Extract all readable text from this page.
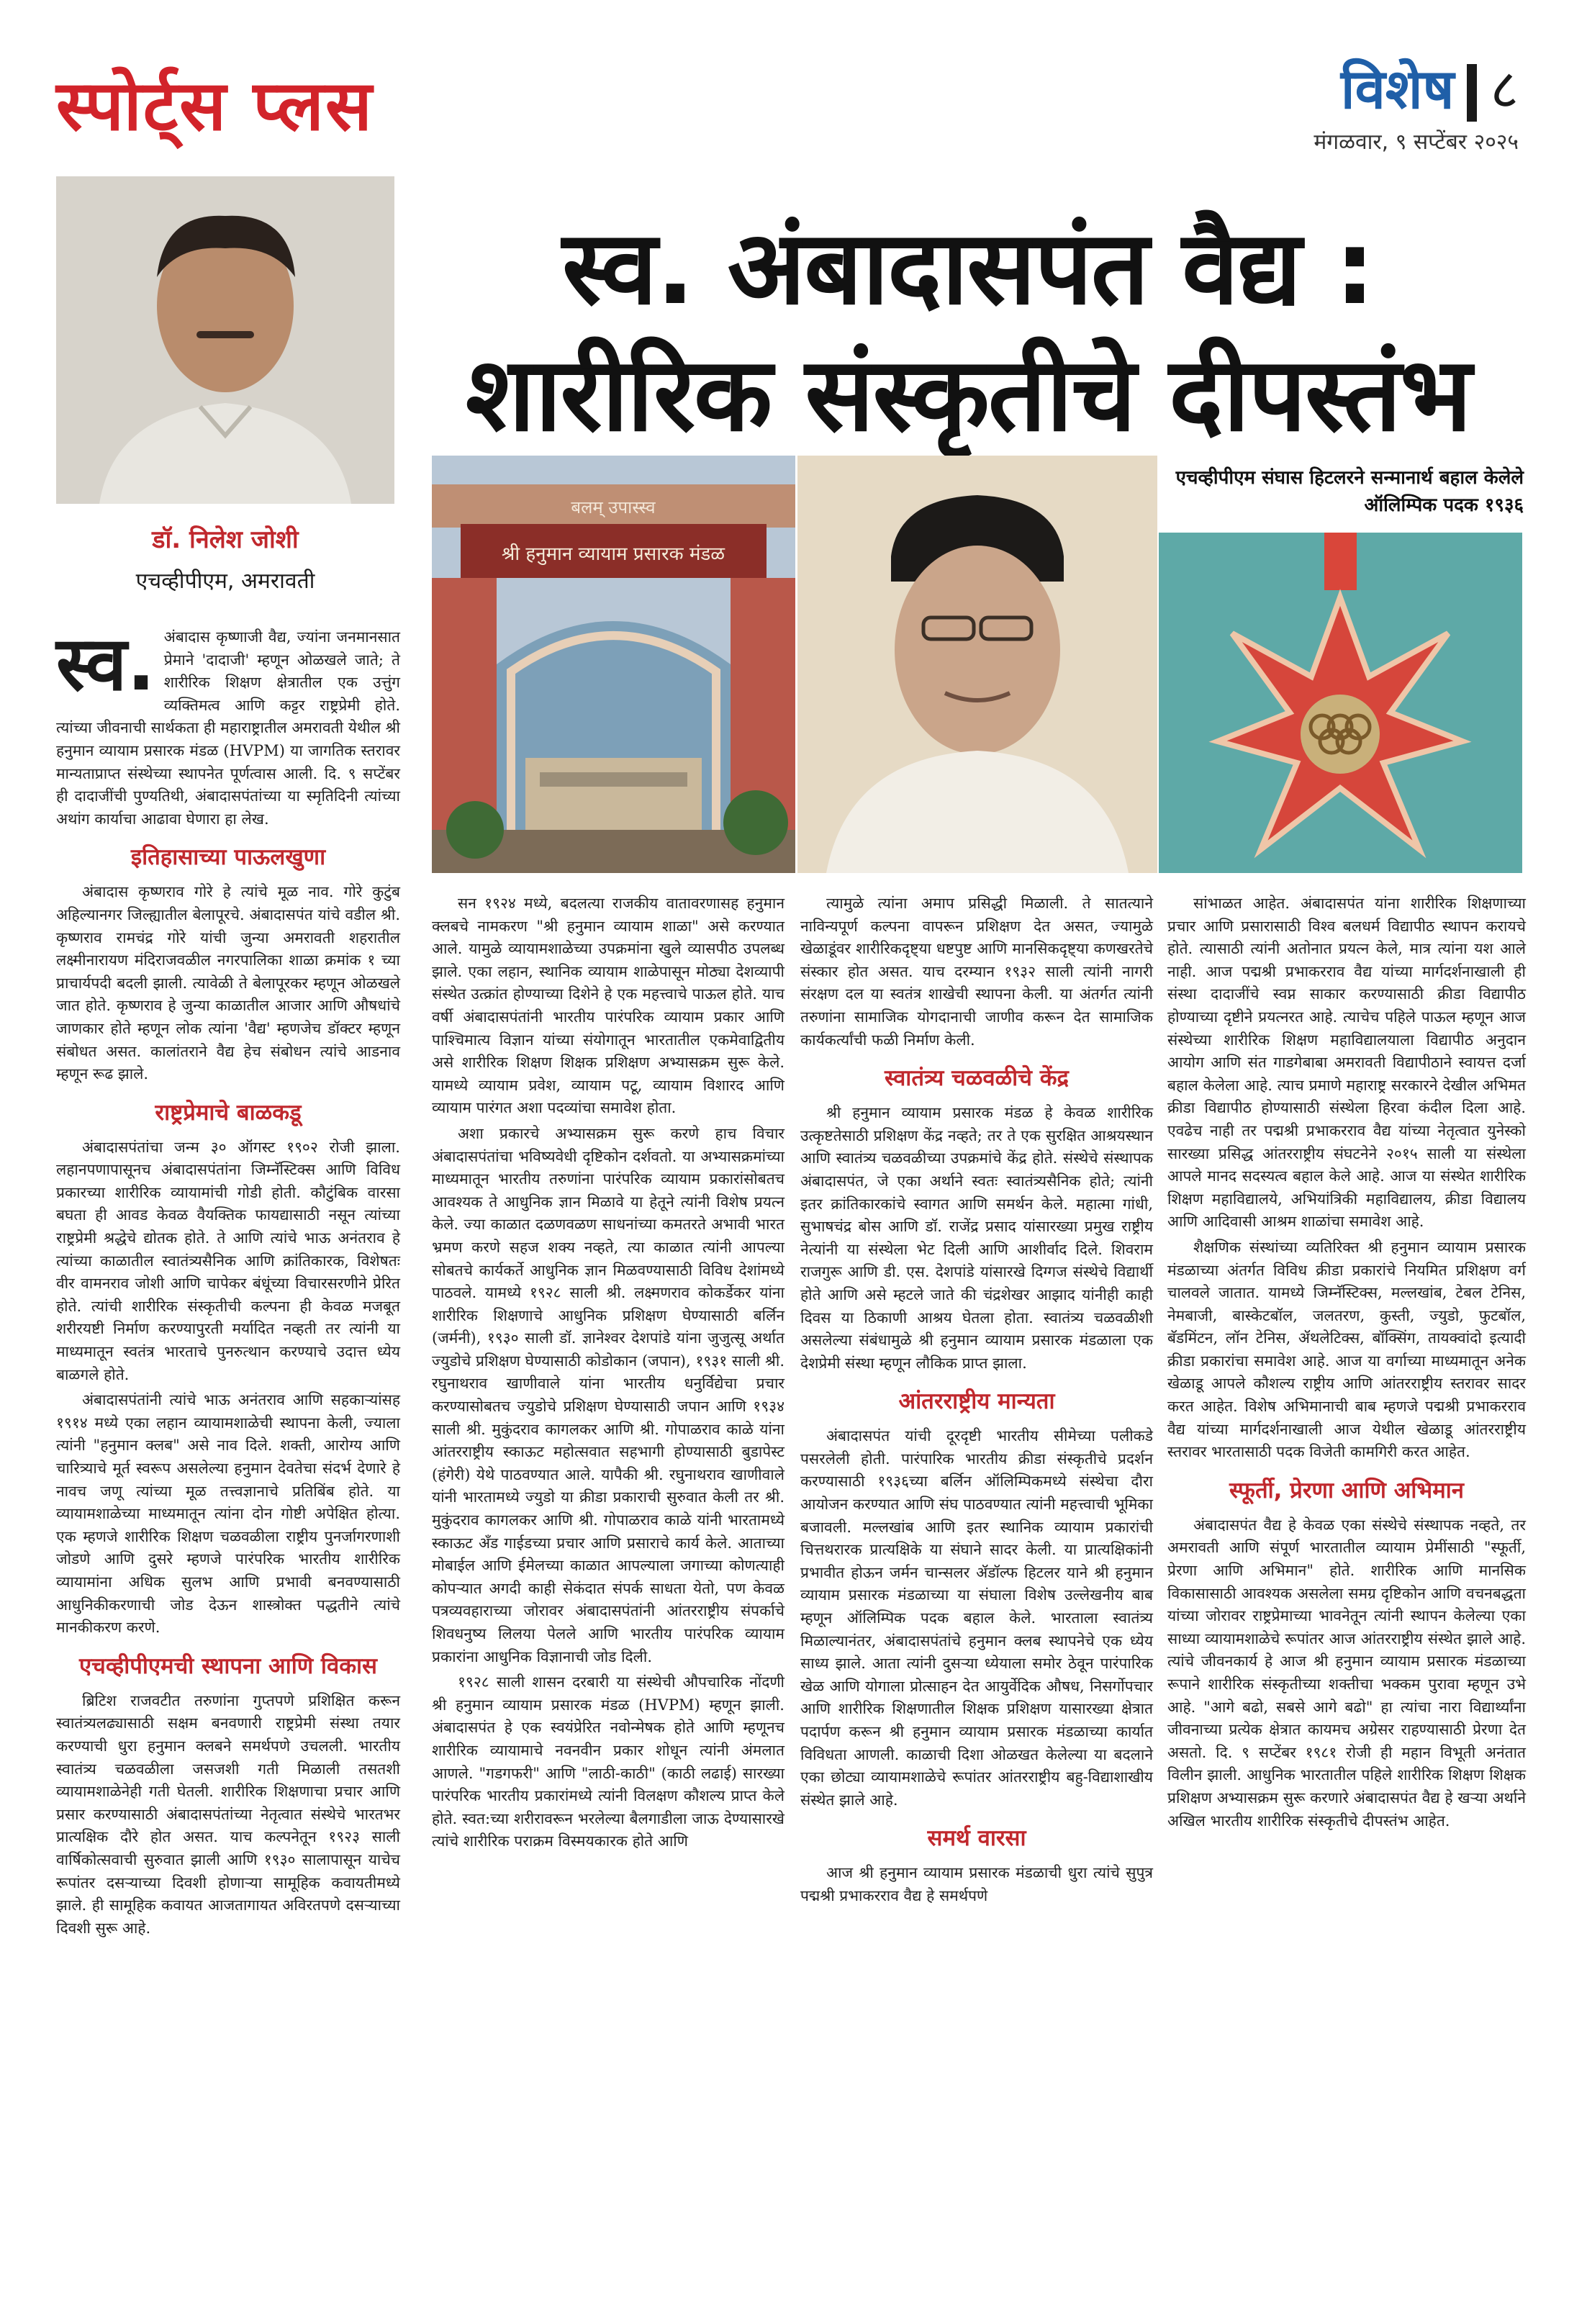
स्पोर्ट्स प्लस	विशेष ८
मंगळवार, ९ सप्टेंबर २०२५
डॉ. निलेश जोशी
एचव्हीपीएम, अमरावती
स्व. अंबादासपंत वैद्य :
शारीरिक संस्कृतीचे दीपस्तंभ
बलम् उपास्स्व
श्री हनुमान व्यायाम प्रसारक मंडळ
एचव्हीपीएम संघास हिटलरने सन्मानार्थ बहाल केलेले ऑलिम्पिक पदक १९३६

स्व. अंबादास कृष्णाजी वैद्य, ज्यांना जनमानसात प्रेमाने 'दादाजी' म्हणून ओळखले जाते; ते शारीरिक शिक्षण क्षेत्रातील एक उत्तुंग व्यक्तिमत्व आणि कट्टर राष्ट्रप्रेमी होते. त्यांच्या जीवनाची सार्थकता ही महाराष्ट्रातील अमरावती येथील श्री हनुमान व्यायाम प्रसारक मंडळ (HVPM) या जागतिक स्तरावर मान्यताप्राप्त संस्थेच्या स्थापनेत पूर्णत्वास आली. दि. ९ सप्टेंबर ही दादाजींची पुण्यतिथी, अंबादासपंतांच्या या स्मृतिदिनी त्यांच्या अथांग कार्याचा आढावा घेणारा हा लेख.

इतिहासाच्या पाऊलखुणा

अंबादास कृष्णराव गोरे हे त्यांचे मूळ नाव. गोरे कुटुंब अहिल्यानगर जिल्ह्यातील बेलापूरचे. अंबादासपंत यांचे वडील श्री. कृष्णराव रामचंद्र गोरे यांची जुन्या अमरावती शहरातील लक्ष्मीनारायण मंदिराजवळील नगरपालिका शाळा क्रमांक १ च्या प्राचार्यपदी बदली झाली. त्यावेळी ते बेलापूरकर म्हणून ओळखले जात होते. कृष्णराव हे जुन्या काळातील आजार आणि औषधांचे जाणकार होते म्हणून लोक त्यांना 'वैद्य' म्हणजेच डॉक्टर म्हणून संबोधत असत. कालांतराने वैद्य हेच संबोधन त्यांचे आडनाव म्हणून रूढ झाले.

राष्ट्रप्रेमाचे बाळकडू

अंबादासपंतांचा जन्म ३० ऑगस्ट १९०२ रोजी झाला. लहानपणापासूनच अंबादासपंतांना जिम्नॅस्टिक्स आणि विविध प्रकारच्या शारीरिक व्यायामांची गोडी होती. कौटुंबिक वारसा बघता ही आवड केवळ वैयक्तिक फायद्यासाठी नसून त्यांच्या राष्ट्रप्रेमी श्रद्धेचे द्योतक होते. ते आणि त्यांचे भाऊ अनंतराव हे त्यांच्या काळातील स्वातंत्र्यसैनिक आणि क्रांतिकारक, विशेषतः वीर वामनराव जोशी आणि चापेकर बंधूंच्या विचारसरणीने प्रेरित होते. त्यांची शारीरिक संस्कृतीची कल्पना ही केवळ मजबूत शरीरयष्टी निर्माण करण्यापुरती मर्यादित नव्हती तर त्यांनी या माध्यमातून स्वतंत्र भारताचे पुनरुत्थान करण्याचे उदात्त ध्येय बाळगले होते.

अंबादासपंतांनी त्यांचे भाऊ अनंतराव आणि सहकाऱ्यांसह १९१४ मध्ये एका लहान व्यायामशाळेची स्थापना केली, ज्याला त्यांनी "हनुमान क्लब" असे नाव दिले. शक्ती, आरोग्य आणि चारित्र्याचे मूर्त स्वरूप असलेल्या हनुमान देवतेचा संदर्भ देणारे हे नावच जणू त्यांच्या मूळ तत्त्वज्ञानाचे प्रतिबिंब होते. या व्यायामशाळेच्या माध्यमातून त्यांना दोन गोष्टी अपेक्षित होत्या. एक म्हणजे शारीरिक शिक्षण चळवळीला राष्ट्रीय पुनर्जागरणाशी जोडणे आणि दुसरे म्हणजे पारंपरिक भारतीय शारीरिक व्यायामांना अधिक सुलभ आणि प्रभावी बनवण्यासाठी आधुनिकीकरणाची जोड देऊन शास्त्रोक्त पद्धतीने त्यांचे मानकीकरण करणे.

एचव्हीपीएमची स्थापना आणि विकास

ब्रिटिश राजवटीत तरुणांना गुप्तपणे प्रशिक्षित करून स्वातंत्र्यलढ्यासाठी सक्षम बनवणारी राष्ट्रप्रेमी संस्था तयार करण्याची धुरा हनुमान क्लबने समर्थपणे उचलली. भारतीय स्वातंत्र्य चळवळीला जसजशी गती मिळाली तसतशी व्यायामशाळेनेही गती घेतली. शारीरिक शिक्षणाचा प्रचार आणि प्रसार करण्यासाठी अंबादासपंतांच्या नेतृत्वात संस्थेचे भारतभर प्रात्यक्षिक दौरे होत असत. याच कल्पनेतून १९२३ साली वार्षिकोत्सवाची सुरुवात झाली आणि १९३० सालापासून याचेच रूपांतर दसऱ्याच्या दिवशी होणाऱ्या सामूहिक कवायतीमध्ये झाले. ही सामूहिक कवायत आजतागायत अविरतपणे दसऱ्याच्या दिवशी सुरू आहे.

सन १९२४ मध्ये, बदलत्या राजकीय वातावरणासह हनुमान क्लबचे नामकरण "श्री हनुमान व्यायाम शाळा" असे करण्यात आले. यामुळे व्यायामशाळेच्या उपक्रमांना खुले व्यासपीठ उपलब्ध झाले. एका लहान, स्थानिक व्यायाम शाळेपासून मोठ्या देशव्यापी संस्थेत उत्क्रांत होण्याच्या दिशेने हे एक महत्त्वाचे पाऊल होते. याच वर्षी अंबादासपंतांनी भारतीय पारंपरिक व्यायाम प्रकार आणि पाश्चिमात्य विज्ञान यांच्या संयोगातून भारतातील एकमेवाद्वितीय असे शारीरिक शिक्षण शिक्षक प्रशिक्षण अभ्यासक्रम सुरू केले. यामध्ये व्यायाम प्रवेश, व्यायाम पटू, व्यायाम विशारद आणि व्यायाम पारंगत अशा पदव्यांचा समावेश होता.

अशा प्रकारचे अभ्यासक्रम सुरू करणे हाच विचार अंबादासपंतांचा भविष्यवेधी दृष्टिकोन दर्शवतो. या अभ्यासक्रमांच्या माध्यमातून भारतीय तरुणांना पारंपरिक व्यायाम प्रकारांसोबतच आवश्यक ते आधुनिक ज्ञान मिळावे या हेतूने त्यांनी विशेष प्रयत्न केले. ज्या काळात दळणवळण साधनांच्या कमतरते अभावी भारत भ्रमण करणे सहज शक्य नव्हते, त्या काळात त्यांनी आपल्या सोबतचे कार्यकर्ते आधुनिक ज्ञान मिळवण्यासाठी विविध देशांमध्ये पाठवले. यामध्ये १९२८ साली श्री. लक्ष्मणराव कोकर्डेकर यांना शारीरिक शिक्षणाचे आधुनिक प्रशिक्षण घेण्यासाठी बर्लिन (जर्मनी), १९३० साली डॉ. ज्ञानेश्वर देशपांडे यांना जुजुत्सू अर्थात ज्युडोचे प्रशिक्षण घेण्यासाठी कोडोकान (जपान), १९३१ साली श्री. रघुनाथराव खाणीवाले यांना भारतीय धनुर्विद्येचा प्रचार करण्यासोबतच ज्युडोचे प्रशिक्षण घेण्यासाठी जपान आणि १९३४ साली श्री. मुकुंदराव कागलकर आणि श्री. गोपाळराव काळे यांना आंतरराष्ट्रीय स्काऊट महोत्सवात सहभागी होण्यासाठी बुडापेस्ट (हंगेरी) येथे पाठवण्यात आले. यापैकी श्री. रघुनाथराव खाणीवाले यांनी भारतामध्ये ज्युडो या क्रीडा प्रकाराची सुरुवात केली तर श्री. मुकुंदराव कागलकर आणि श्री. गोपाळराव काळे यांनी भारतामध्ये स्काऊट अँड गाईडच्या प्रचार आणि प्रसाराचे कार्य केले. आताच्या मोबाईल आणि ईमेलच्या काळात आपल्याला जगाच्या कोणत्याही कोपऱ्यात अगदी काही सेकंदात संपर्क साधता येतो, पण केवळ पत्रव्यवहाराच्या जोरावर अंबादासपंतांनी आंतरराष्ट्रीय संपर्काचे शिवधनुष्य लिलया पेलले आणि भारतीय पारंपरिक व्यायाम प्रकारांना आधुनिक विज्ञानाची जोड दिली.

१९२८ साली शासन दरबारी या संस्थेची औपचारिक नोंदणी श्री हनुमान व्यायाम प्रसारक मंडळ (HVPM) म्हणून झाली. अंबादासपंत हे एक स्वयंप्रेरित नवोन्मेषक होते आणि म्हणूनच शारीरिक व्यायामाचे नवनवीन प्रकार शोधून त्यांनी अंमलात आणले. "गडगफरी" आणि "लाठी-काठी" (काठी लढाई) सारख्या पारंपरिक भारतीय प्रकारांमध्ये त्यांनी विलक्षण कौशल्य प्राप्त केले होते. स्वत:च्या शरीरावरून भरलेल्या बैलगाडीला जाऊ देण्यासारखे त्यांचे शारीरिक पराक्रम विस्मयकारक होते आणि

त्यामुळे त्यांना अमाप प्रसिद्धी मिळाली. ते सातत्याने नाविन्यपूर्ण कल्पना वापरून प्रशिक्षण देत असत, ज्यामुळे खेळाडूंवर शारीरिकदृष्ट्या धष्टपुष्ट आणि मानसिकदृष्ट्या कणखरतेचे संस्कार होत असत. याच दरम्यान १९३२ साली त्यांनी नागरी संरक्षण दल या स्वतंत्र शाखेची स्थापना केली. या अंतर्गत त्यांनी तरुणांना सामाजिक योगदानाची जाणीव करून देत सामाजिक कार्यकर्त्यांची फळी निर्माण केली.

स्वातंत्र्य चळवळीचे केंद्र

श्री हनुमान व्यायाम प्रसारक मंडळ हे केवळ शारीरिक उत्कृष्टतेसाठी प्रशिक्षण केंद्र नव्हते; तर ते एक सुरक्षित आश्रयस्थान आणि स्वातंत्र्य चळवळीच्या उपक्रमांचे केंद्र होते. संस्थेचे संस्थापक अंबादासपंत, जे एका अर्थाने स्वतः स्वातंत्र्यसैनिक होते; त्यांनी इतर क्रांतिकारकांचे स्वागत आणि समर्थन केले. महात्मा गांधी, सुभाषचंद्र बोस आणि डॉ. राजेंद्र प्रसाद यांसारख्या प्रमुख राष्ट्रीय नेत्यांनी या संस्थेला भेट दिली आणि आशीर्वाद दिले. शिवराम राजगुरू आणि डी. एस. देशपांडे यांसारखे दिग्गज संस्थेचे विद्यार्थी होते आणि असे म्हटले जाते की चंद्रशेखर आझाद यांनीही काही दिवस या ठिकाणी आश्रय घेतला होता. स्वातंत्र्य चळवळीशी असलेल्या संबंधामुळे श्री हनुमान व्यायाम प्रसारक मंडळाला एक देशप्रेमी संस्था म्हणून लौकिक प्राप्त झाला.

आंतरराष्ट्रीय मान्यता

अंबादासपंत यांची दूरदृष्टी भारतीय सीमेच्या पलीकडे पसरलेली होती. पारंपारिक भारतीय क्रीडा संस्कृतीचे प्रदर्शन करण्यासाठी १९३६च्या बर्लिन ऑलिम्पिकमध्ये संस्थेचा दौरा आयोजन करण्यात आणि संघ पाठवण्यात त्यांनी महत्त्वाची भूमिका बजावली. मल्लखांब आणि इतर स्थानिक व्यायाम प्रकारांची चित्तथरारक प्रात्यक्षिके या संघाने सादर केली. या प्रात्यक्षिकांनी प्रभावीत होऊन जर्मन चान्सलर ॲडॉल्फ हिटलर याने श्री हनुमान व्यायाम प्रसारक मंडळाच्या या संघाला विशेष उल्लेखनीय बाब म्हणून ऑलिम्पिक पदक बहाल केले. भारताला स्वातंत्र्य मिळाल्यानंतर, अंबादासपंतांचे हनुमान क्लब स्थापनेचे एक ध्येय साध्य झाले. आता त्यांनी दुसऱ्या ध्येयाला समोर ठेवून पारंपारिक खेळ आणि योगाला प्रोत्साहन देत आयुर्वेदिक औषध, निसर्गोपचार आणि शारीरिक शिक्षणातील शिक्षक प्रशिक्षण यासारख्या क्षेत्रात पदार्पण करून श्री हनुमान व्यायाम प्रसारक मंडळाच्या कार्यात विविधता आणली. काळाची दिशा ओळखत केलेल्या या बदलाने एका छोट्या व्यायामशाळेचे रूपांतर आंतरराष्ट्रीय बहु-विद्याशाखीय संस्थेत झाले आहे.

समर्थ वारसा

आज श्री हनुमान व्यायाम प्रसारक मंडळाची धुरा त्यांचे सुपुत्र पद्मश्री प्रभाकरराव वैद्य हे समर्थपणे

सांभाळत आहेत. अंबादासपंत यांना शारीरिक शिक्षणाच्या प्रचार आणि प्रसारासाठी विश्व बलधर्म विद्यापीठ स्थापन करायचे होते. त्यासाठी त्यांनी अतोनात प्रयत्न केले, मात्र त्यांना यश आले नाही. आज पद्मश्री प्रभाकरराव वैद्य यांच्या मार्गदर्शनाखाली ही संस्था दादाजींचे स्वप्न साकार करण्यासाठी क्रीडा विद्यापीठ होण्याच्या दृष्टीने प्रयत्नरत आहे. त्याचेच पहिले पाऊल म्हणून आज संस्थेच्या शारीरिक शिक्षण महाविद्यालयाला विद्यापीठ अनुदान आयोग आणि संत गाडगेबाबा अमरावती विद्यापीठाने स्वायत्त दर्जा बहाल केलेला आहे. त्याच प्रमाणे महाराष्ट्र सरकारने देखील अभिमत क्रीडा विद्यापीठ होण्यासाठी संस्थेला हिरवा कंदील दिला आहे. एवढेच नाही तर पद्मश्री प्रभाकरराव वैद्य यांच्या नेतृत्वात युनेस्को सारख्या प्रसिद्ध आंतरराष्ट्रीय संघटनेने २०१५ साली या संस्थेला आपले मानद सदस्यत्व बहाल केले आहे. आज या संस्थेत शारीरिक शिक्षण महाविद्यालये, अभियांत्रिकी महाविद्यालय, क्रीडा विद्यालय आणि आदिवासी आश्रम शाळांचा समावेश आहे.

शैक्षणिक संस्थांच्या व्यतिरिक्त श्री हनुमान व्यायाम प्रसारक मंडळाच्या अंतर्गत विविध क्रीडा प्रकारांचे नियमित प्रशिक्षण वर्ग चालवले जातात. यामध्ये जिम्नॅस्टिक्स, मल्लखांब, टेबल टेनिस, नेमबाजी, बास्केटबॉल, जलतरण, कुस्ती, ज्युडो, फुटबॉल, बॅडमिंटन, लॉन टेनिस, ॲथलेटिक्स, बॉक्सिंग, तायक्वांदो इत्यादी क्रीडा प्रकारांचा समावेश आहे. आज या वर्गाच्या माध्यमातून अनेक खेळाडू आपले कौशल्य राष्ट्रीय आणि आंतरराष्ट्रीय स्तरावर सादर करत आहेत. विशेष अभिमानाची बाब म्हणजे पद्मश्री प्रभाकरराव वैद्य यांच्या मार्गदर्शनाखाली आज येथील खेळाडू आंतरराष्ट्रीय स्तरावर भारतासाठी पदक विजेती कामगिरी करत आहेत.

स्फूर्ती, प्रेरणा आणि अभिमान

अंबादासपंत वैद्य हे केवळ एका संस्थेचे संस्थापक नव्हते, तर अमरावती आणि संपूर्ण भारतातील व्यायाम प्रेमींसाठी "स्फूर्ती, प्रेरणा आणि अभिमान" होते. शारीरिक आणि मानसिक विकासासाठी आवश्यक असलेला समग्र दृष्टिकोन आणि वचनबद्धता यांच्या जोरावर राष्ट्रप्रेमाच्या भावनेतून त्यांनी स्थापन केलेल्या एका साध्या व्यायामशाळेचे रूपांतर आज आंतरराष्ट्रीय संस्थेत झाले आहे. त्यांचे जीवनकार्य हे आज श्री हनुमान व्यायाम प्रसारक मंडळाच्या रूपाने शारीरिक संस्कृतीच्या शक्तीचा भक्कम पुरावा म्हणून उभे आहे. "आगे बढो, सबसे आगे बढो" हा त्यांचा नारा विद्यार्थ्यांना जीवनाच्या प्रत्येक क्षेत्रात कायमच अग्रेसर राहण्यासाठी प्रेरणा देत असतो. दि. ९ सप्टेंबर १९८१ रोजी ही महान विभूती अनंतात विलीन झाली. आधुनिक भारतातील पहिले शारीरिक शिक्षण शिक्षक प्रशिक्षण अभ्यासक्रम सुरू करणारे अंबादासपंत वैद्य हे खऱ्या अर्थाने अखिल भारतीय शारीरिक संस्कृतीचे दीपस्तंभ आहेत.
